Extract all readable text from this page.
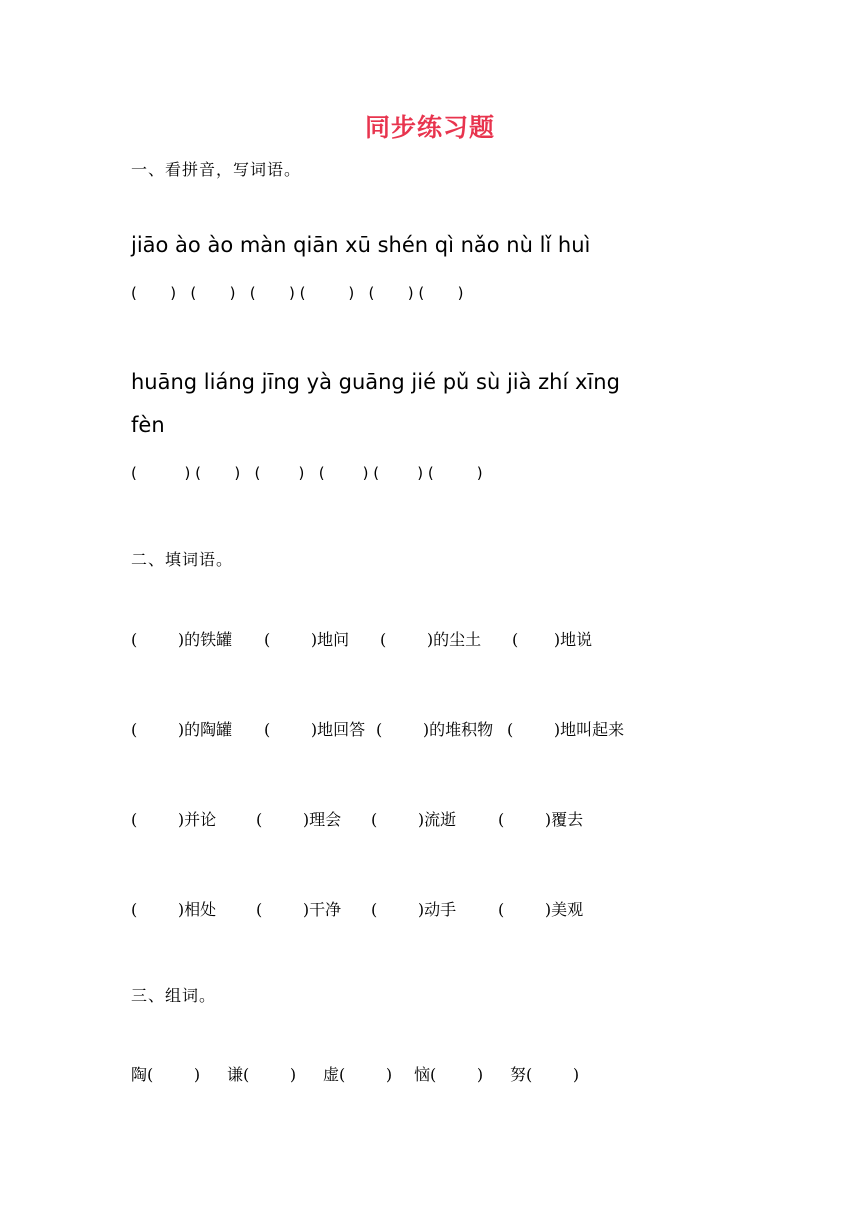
同步练习题
一、看拼音，写词语。
jiāo ào ào màn qiān xū shén qì nǎo nù lǐ huì
(       )   (       )   (       ) (         )   (       ) (       )
huāng liáng jīng yà guāng jié pǔ sù jià zhí xīng
fèn
(          ) (       )   (        )   (        ) (        ) (         )
二、填词语。

(        )的铁罐

(        )地问

(        )的尘土

(       )地说

(        )的陶罐

(        )地回答

(        )的堆积物

(        )地叫起来

(        )并论

(        )理会

(        )流逝

	(        )覆去

(        )相处

(        )干净

(        )动手

	(        )美观

三、组词。

陶(        )

谦(        )

虚(        )

恼(        )

努(        )
